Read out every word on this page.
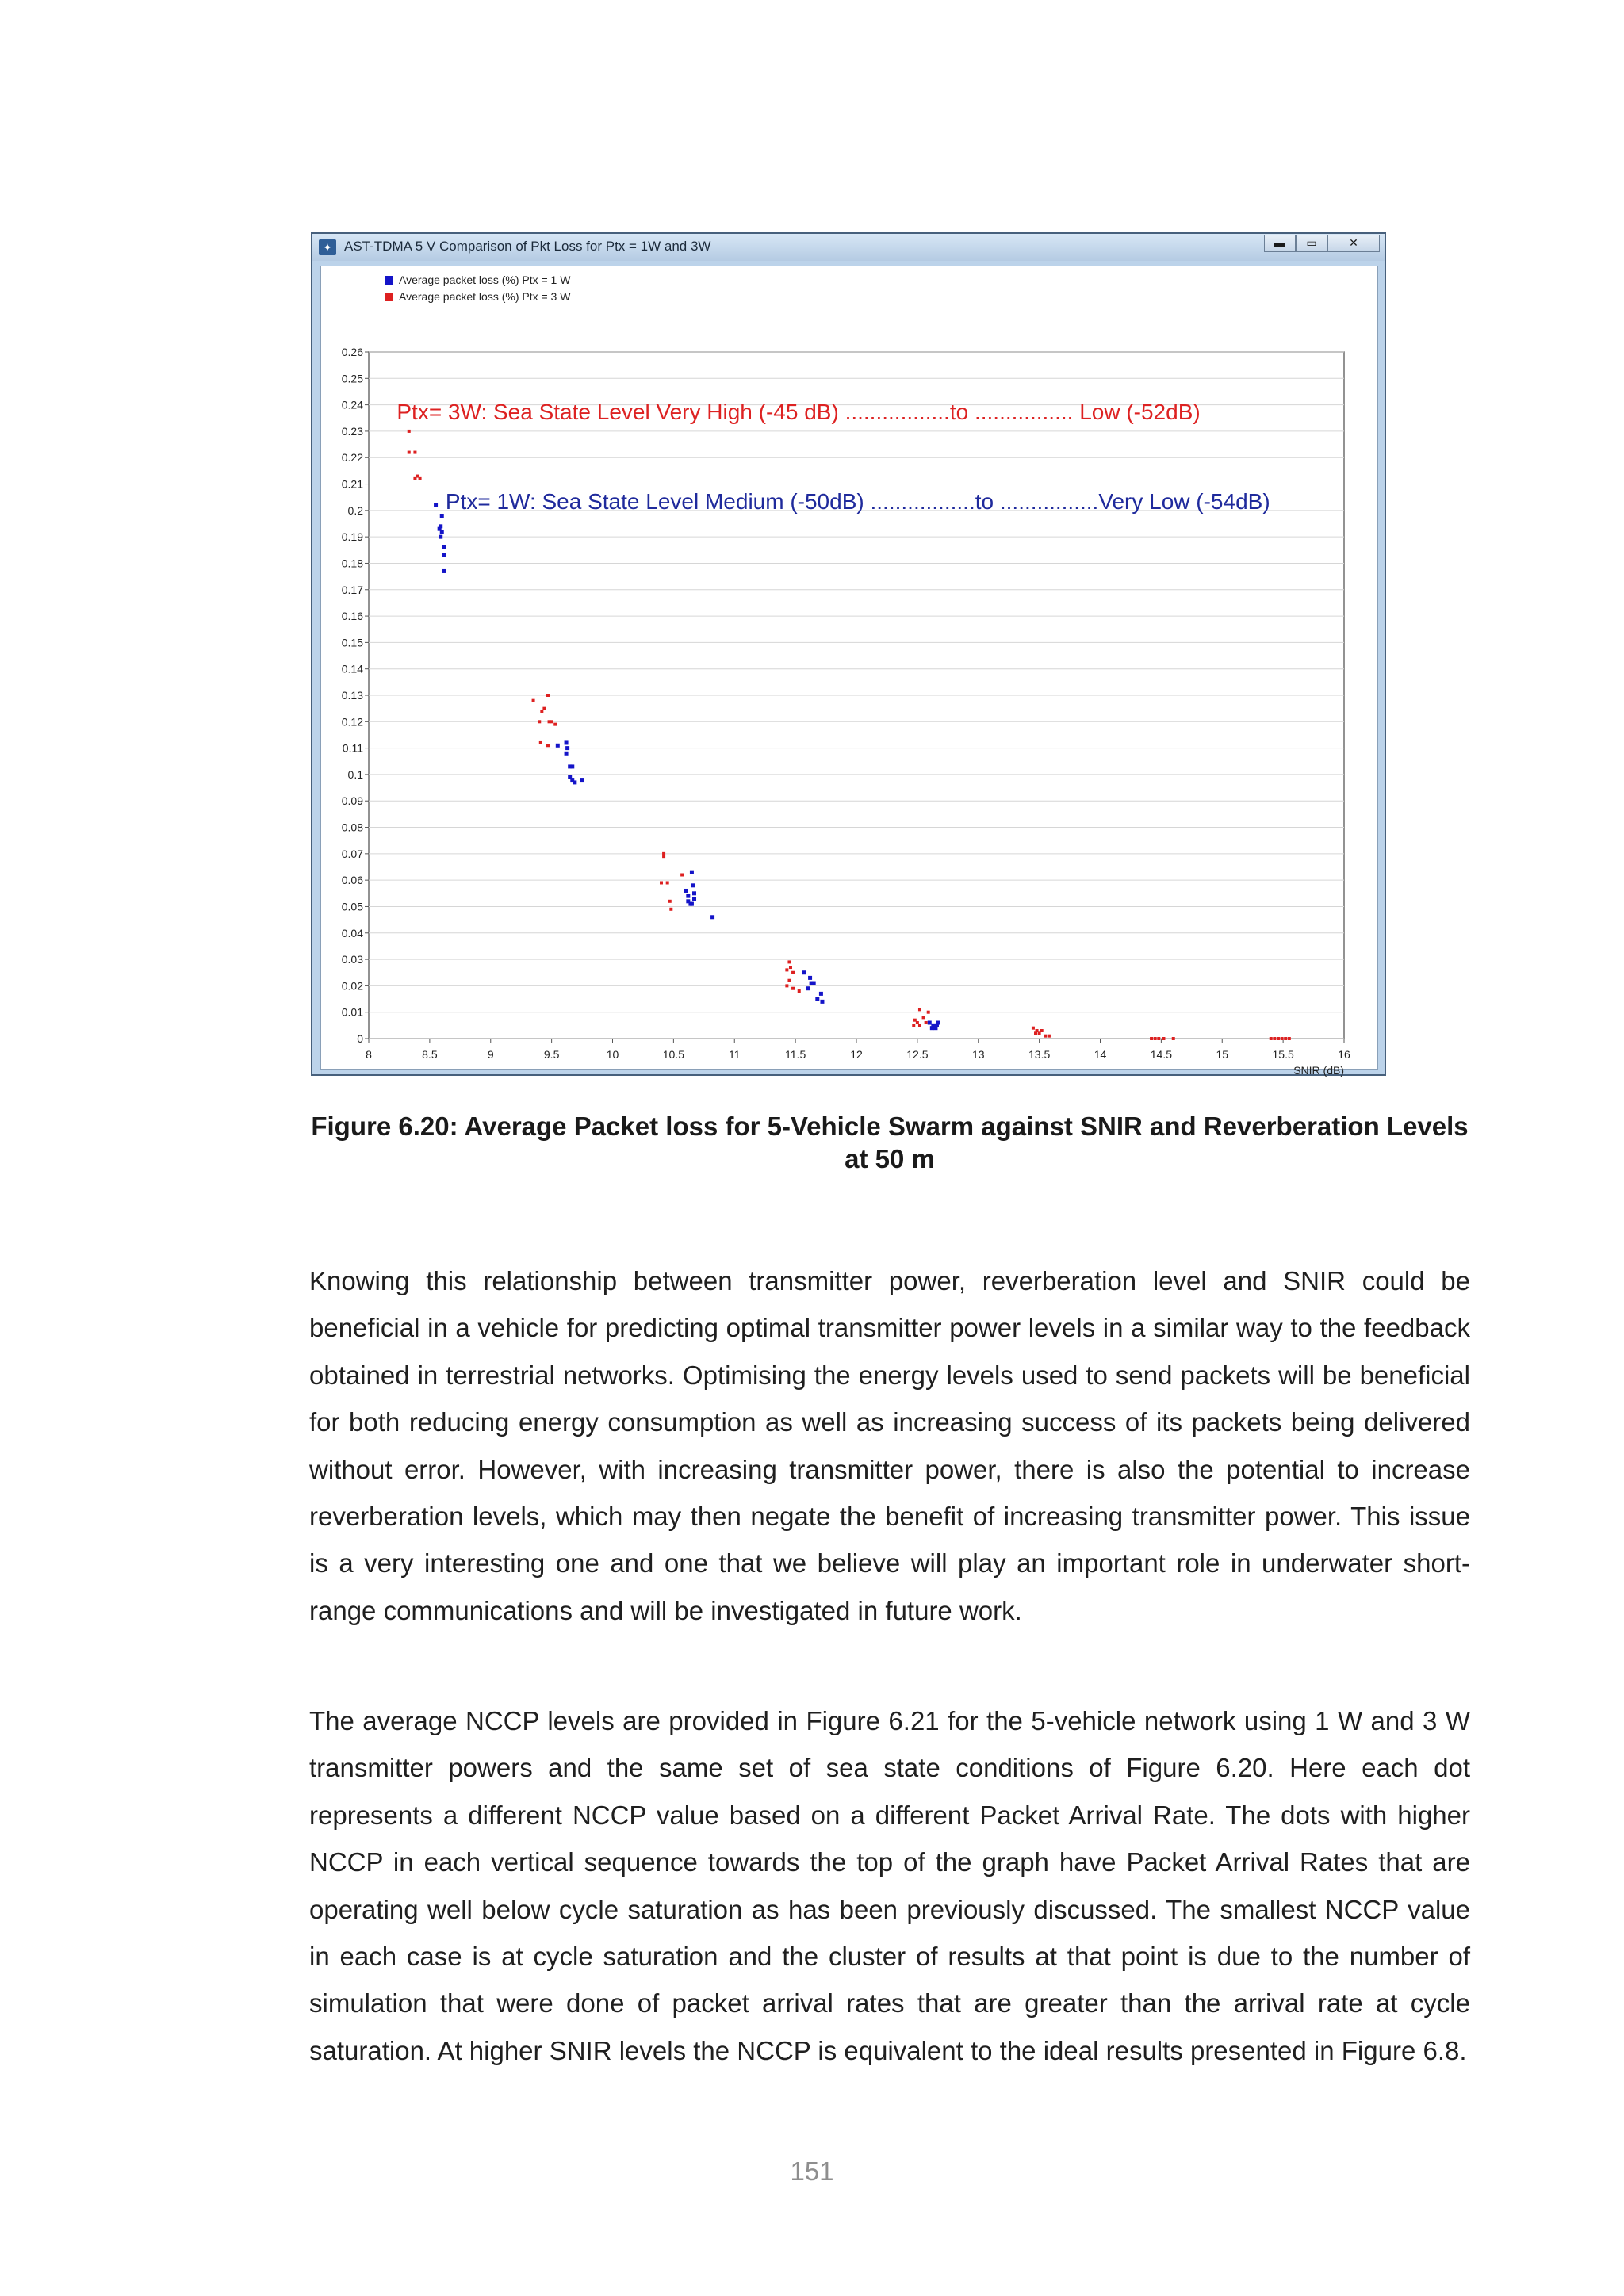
✦ AST-TDMA 5 V Comparison of Pkt Loss for Ptx = 1W and 3W	▬	▭	✕
0
0.01
0.02
0.03
0.04
0.05
0.06
0.07
0.08
0.09
0.1
0.11
0.12
0.13
0.14
0.15
0.16
0.17
0.18
0.19
0.2
0.21
0.22
0.23
0.24
0.25
0.26
8	8.5	9	9.5	10	10.5	11	11.5	12	12.5	13	13.5	14	14.5	15	15.5	16
SNIR (dB)
Average packet loss (%) Ptx = 1 W
Average packet loss (%) Ptx = 3 W
Ptx= 3W: Sea State Level Very High (-45 dB) .................to ................ Low (-52dB)
Ptx= 1W: Sea State Level Medium (-50dB) .................to ................Very Low (-54dB)
Figure 6.20: Average Packet loss for 5-Vehicle Swarm against SNIR and Reverberation Levels at 50 m

Knowing this relationship between transmitter power, reverberation level and SNIR could be beneficial in a vehicle for predicting optimal transmitter power levels in a similar way to the feedback obtained in terrestrial networks. Optimising the energy levels used to send packets will be beneficial for both reducing energy consumption as well as increasing success of its packets being delivered without error. However, with increasing transmitter power, there is also the potential to increase reverberation levels, which may then negate the benefit of increasing transmitter power. This issue is a very interesting one and one that we believe will play an important role in underwater short-range communications and will be investigated in future work.

The average NCCP levels are provided in Figure 6.21 for the 5-vehicle network using 1 W and 3 W transmitter powers and the same set of sea state conditions of Figure 6.20. Here each dot represents a different NCCP value based on a different Packet Arrival Rate. The dots with higher NCCP in each vertical sequence towards the top of the graph have Packet Arrival Rates that are operating well below cycle saturation as has been previously discussed. The smallest NCCP value in each case is at cycle saturation and the cluster of results at that point is due to the number of simulation that were done of packet arrival rates that are greater than the arrival rate at cycle saturation. At higher SNIR levels the NCCP is equivalent to the ideal results presented in Figure 6.8.

151
